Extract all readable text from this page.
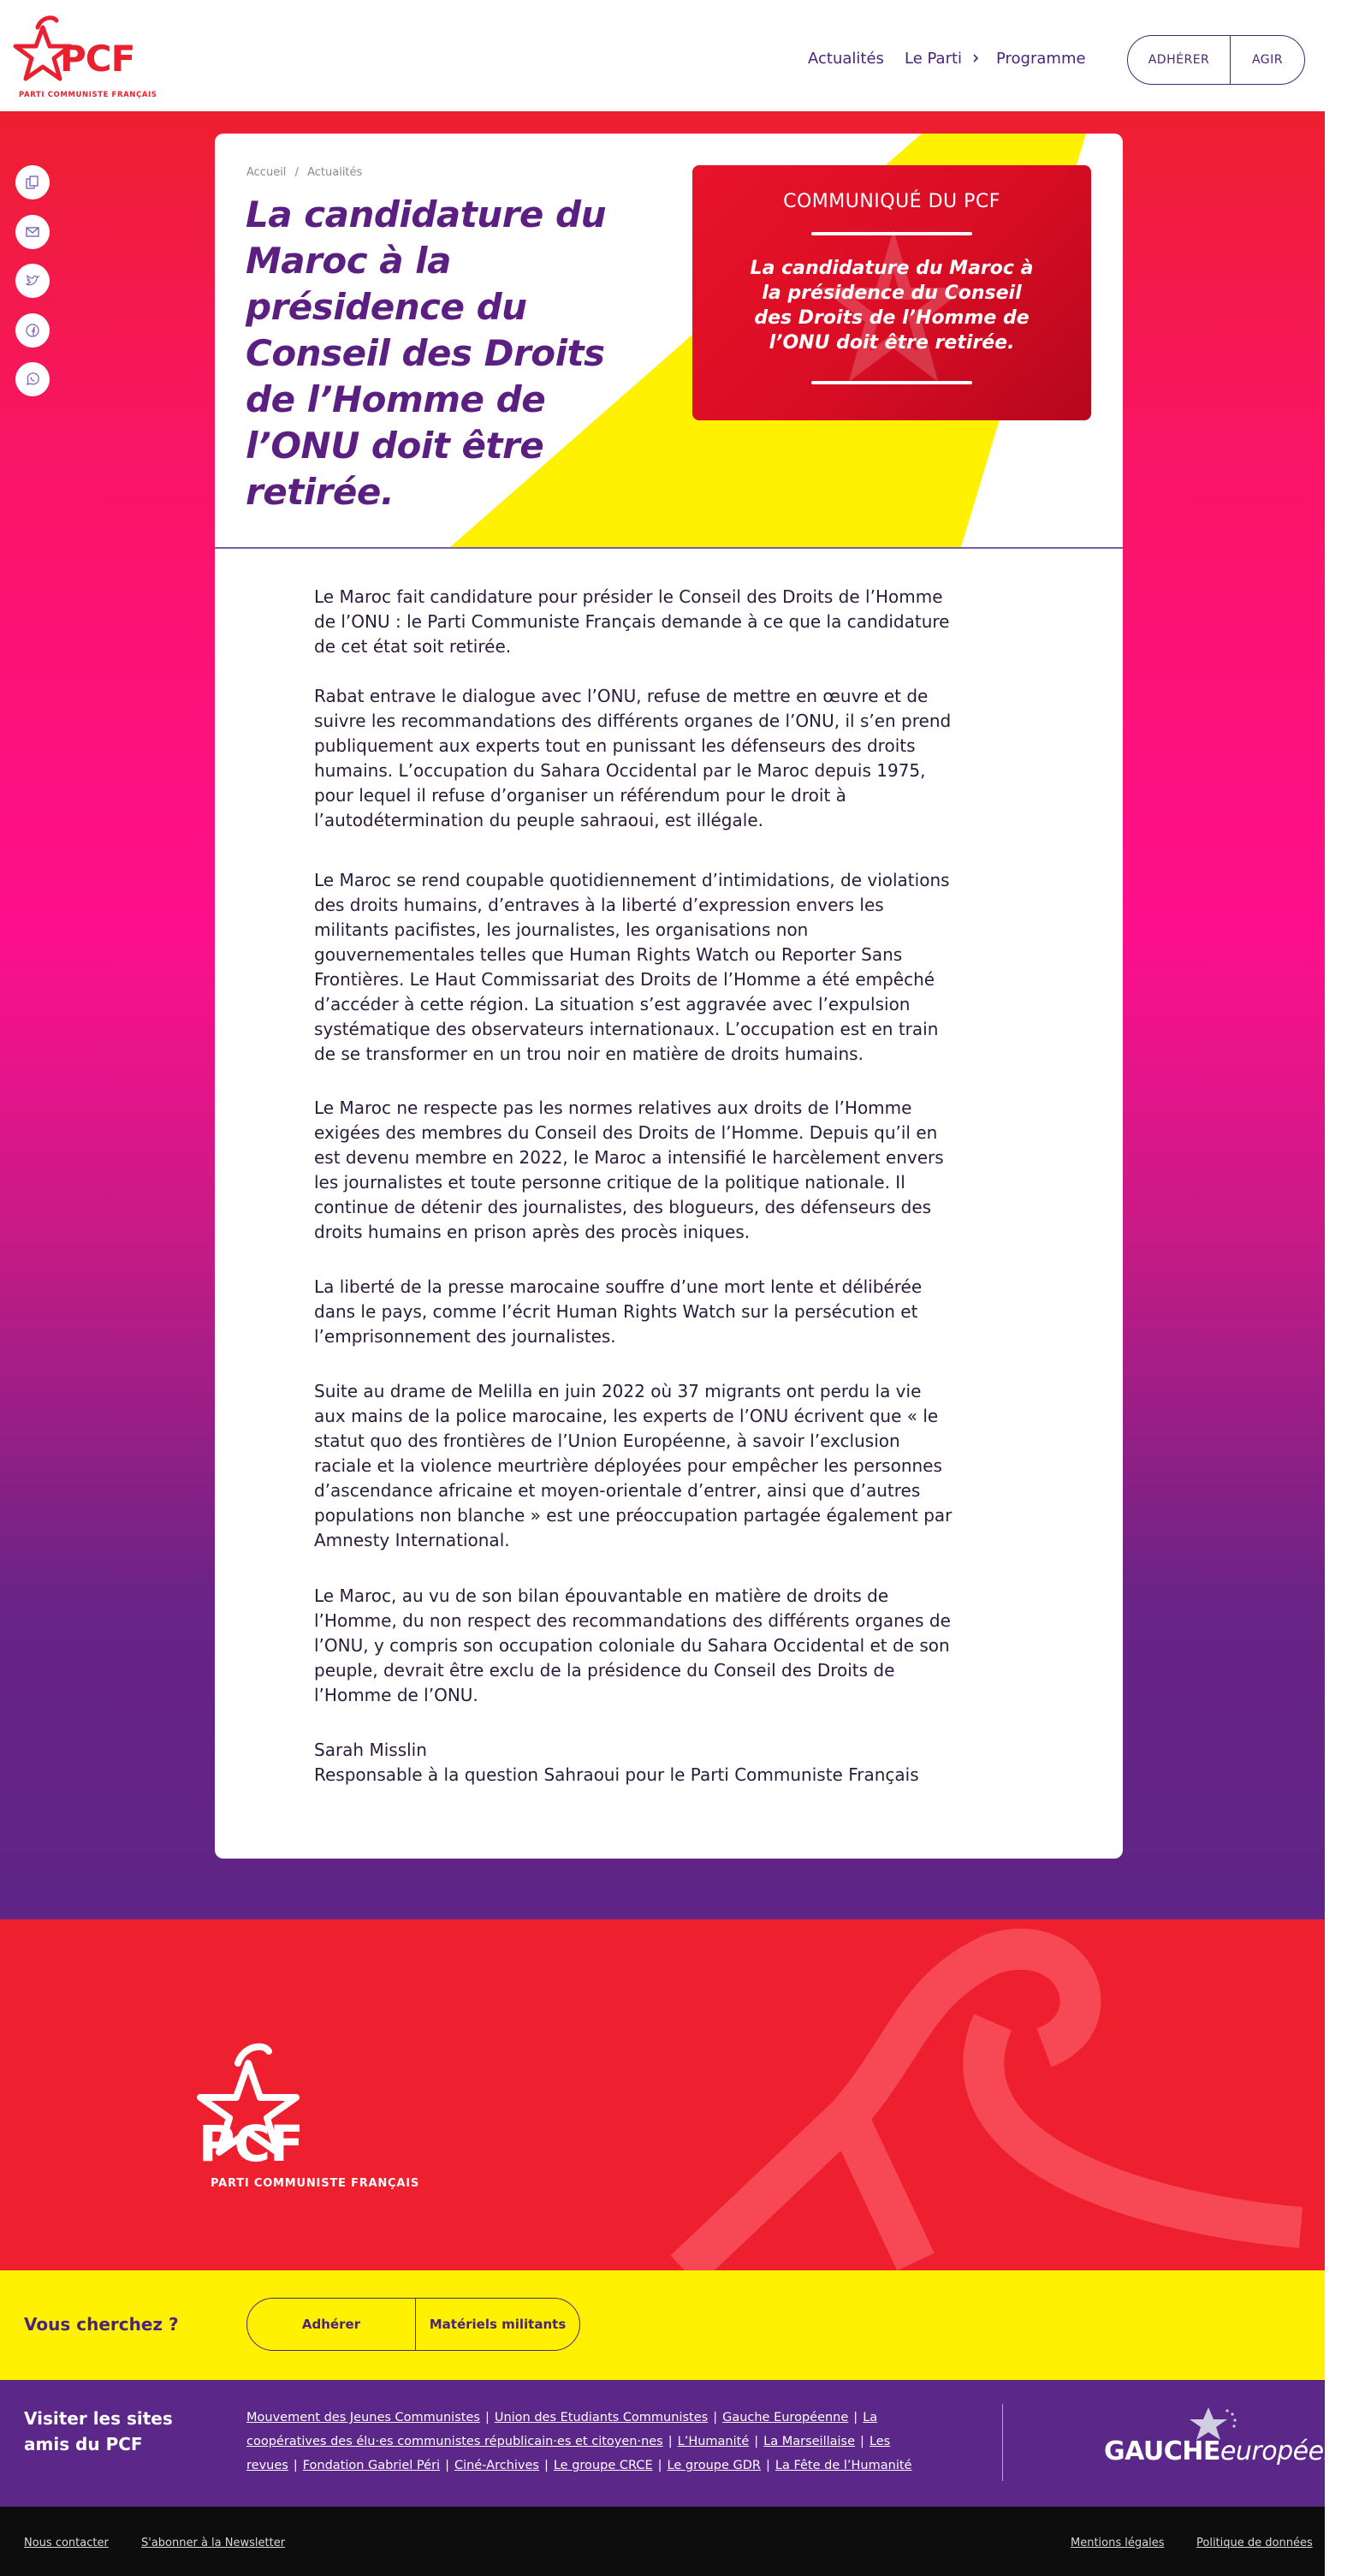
PCF
PARTI COMMUNISTE FRANÇAIS
Actualités Le Parti	Programme	ADHÉRER	AGIR
Accueil / Actualités
La candidature du Maroc à la présidence du Conseil des Droits de l’Homme de l’ONU doit être retirée.
COMMUNIQUÉ DU PCF
La candidature du Maroc à la présidence du Conseil des Droits de l’Homme de l’ONU doit être retirée.
Le Maroc fait candidature pour présider le Conseil des Droits de l’Homme de l’ONU : le Parti Communiste Français demande à ce que la candidature de cet état soit retirée.
Rabat entrave le dialogue avec l’ONU, refuse de mettre en œuvre et de suivre les recommandations des différents organes de l’ONU, il s’en prend publiquement aux experts tout en punissant les défenseurs des droits humains. L’occupation du Sahara Occidental par le Maroc depuis 1975, pour lequel il refuse d’organiser un référendum pour le droit à l’autodétermination du peuple sahraoui, est illégale.
Le Maroc se rend coupable quotidiennement d’intimidations, de violations des droits humains, d’entraves à la liberté d’expression envers les militants pacifistes, les journalistes, les organisations non gouvernementales telles que Human Rights Watch ou Reporter Sans Frontières. Le Haut Commissariat des Droits de l’Homme a été empêché d’accéder à cette région. La situation s’est aggravée avec l’expulsion systématique des observateurs internationaux. L’occupation est en train de se transformer en un trou noir en matière de droits humains.
Le Maroc ne respecte pas les normes relatives aux droits de l’Homme exigées des membres du Conseil des Droits de l’Homme. Depuis qu’il en est devenu membre en 2022, le Maroc a intensifié le harcèlement envers les journalistes et toute personne critique de la politique nationale. Il continue de détenir des journalistes, des blogueurs, des défenseurs des droits humains en prison après des procès iniques.
La liberté de la presse marocaine souffre d’une mort lente et délibérée dans le pays, comme l’écrit Human Rights Watch sur la persécution et l’emprisonnement des journalistes.
Suite au drame de Melilla en juin 2022 où 37 migrants ont perdu la vie aux mains de la police marocaine, les experts de l’ONU écrivent que « le statut quo des frontières de l’Union Européenne, à savoir l’exclusion raciale et la violence meurtrière déployées pour empêcher les personnes d’ascendance africaine et moyen-orientale d’entrer, ainsi que d’autres populations non blanche » est une préoccupation partagée également par Amnesty International.
Le Maroc, au vu de son bilan épouvantable en matière de droits de l’Homme, du non respect des recommandations des différents organes de l’ONU, y compris son occupation coloniale du Sahara Occidental et de son peuple, devrait être exclu de la présidence du Conseil des Droits de l’Homme de l’ONU.
Sarah Misslin
Responsable à la question Sahraoui pour le Parti Communiste Français
PCF
PARTI COMMUNISTE FRANÇAIS
Vous cherchez ?	Adhérer	Matériels militants
Visiter les sites amis du PCF
Mouvement des Jeunes Communistes | Union des Etudiants Communistes | Gauche Européenne | La coopératives des élu·es communistes républicain·es et citoyen·nes | L’Humanité | La Marseillaise | Les revues | Fondation Gabriel Péri | Ciné-Archives | Le groupe CRCE | Le groupe GDR | La Fête de l’Humanité	GAUCHEeuropéenne
Nous contacter	S'abonner à la Newsletter	Mentions légales	Politique de données
